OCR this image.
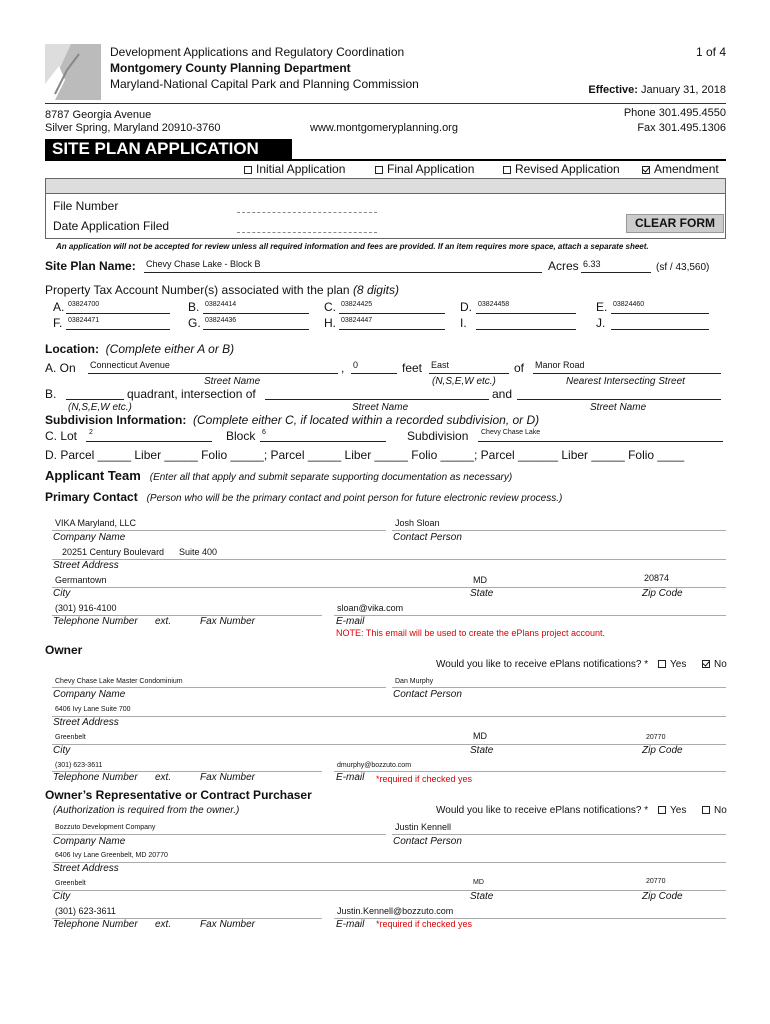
Development Applications and Regulatory Coordination
Montgomery County Planning Department
Maryland-National Capital Park and Planning Commission
1 of 4
Effective: January 31, 2018
8787 Georgia Avenue
Silver Spring, Maryland 20910-3760	www.montgomeryplanning.org
Phone 301.495.4550
Fax 301.495.1306
SITE PLAN APPLICATION
Initial Application	Final Application	Revised Application	Amendment
File Number
Date Application Filed	CLEAR FORM
An application will not be accepted for review unless all required information and fees are provided. If an item requires more space, attach a separate sheet.
Site Plan Name: Chevy Chase Lake - Block B	Acres 6.33	(sf / 43,560)
Property Tax Account Number(s) associated with the plan (8 digits)
A. 03824700	B. 03824414	C. 03824425	D. 03824458	E. 03824460
F. 03824471	G. 03824436	H. 03824447	I.	J.
Location: (Complete either A or B)
A. On Connecticut Avenue	, 0	feet East	of Manor Road
Street Name	(N,S,E,W etc.)	Nearest Intersecting Street
B.	quadrant, intersection of	and
(N,S,E,W etc.)	Street Name	Street Name
Subdivision Information: (Complete either C, if located within a recorded subdivision, or D)
C. Lot 2	Block 6	Subdivision Chevy Chase Lake
D. Parcel _____ Liber _____ Folio _____; Parcel _____ Liber _____ Folio _____; Parcel ______ Liber _____ Folio ____
Applicant Team (Enter all that apply and submit separate supporting documentation as necessary)
Primary Contact (Person who will be the primary contact and point person for future electronic review process.)
VIKA Maryland, LLC	Josh Sloan
Company Name	Contact Person
20251 Century Boulevard Suite 400
Street Address
Germantown	MD	20874
City	State	Zip Code
(301) 916-4100	sloan@vika.com
Telephone Number ext.	Fax Number	E-mail
NOTE: This email will be used to create the ePlans project account.
Owner
Would you like to receive ePlans notifications? *	Yes	No
Chevy Chase Lake Master Condominium	Dan Murphy
Company Name	Contact Person
6406 Ivy Lane Suite 700
Street Address
Greenbelt	MD	20770
City	State	Zip Code
(301) 623-3611	dmurphy@bozzuto.com
Telephone Number ext.	Fax Number	E-mail *required if checked yes
Owner’s Representative or Contract Purchaser
(Authorization is required from the owner.)	Would you like to receive ePlans notifications? *	Yes	No
Bozzuto Development Company	Justin Kennell
Company Name	Contact Person
6406 Ivy Lane Greenbelt, MD 20770
Street Address
Greenbelt	MD	20770
City	State	Zip Code
(301) 623-3611	Justin.Kennell@bozzuto.com
Telephone Number ext.	Fax Number	E-mail *required if checked yes
